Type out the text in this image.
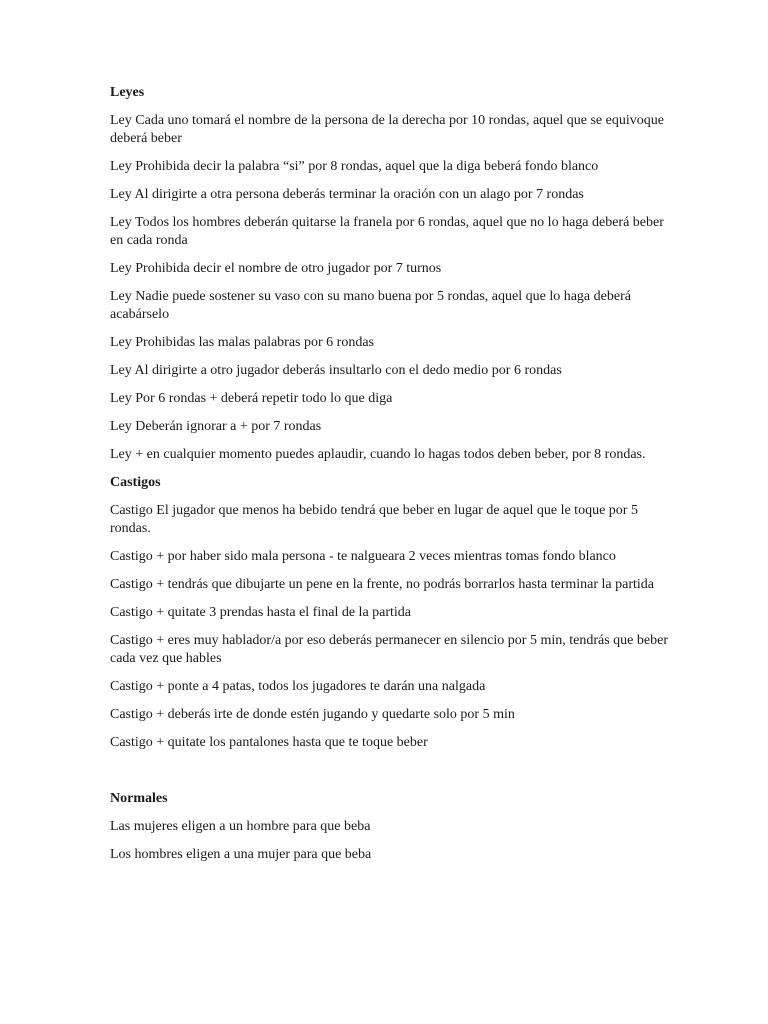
Leyes
Ley Cada uno tomará el nombre de la persona de la derecha por 10 rondas, aquel que se equivoque deberá beber
Ley Prohibida decir la palabra “si” por 8 rondas, aquel que la diga beberá fondo blanco
Ley Al dirigirte a otra persona deberás terminar la oración con un alago por 7 rondas
Ley Todos los hombres deberán quitarse la franela por 6 rondas, aquel que no lo haga deberá beber en cada ronda
Ley Prohibida decir el nombre de otro jugador por 7 turnos
Ley Nadie puede sostener su vaso con su mano buena por 5 rondas, aquel que lo haga deberá acabárselo
Ley Prohibidas las malas palabras por 6 rondas
Ley Al dirigirte a otro jugador deberás insultarlo con el dedo medio por 6 rondas
Ley Por 6 rondas + deberá repetir todo lo que diga
Ley Deberán ignorar a + por 7 rondas
Ley + en cualquier momento puedes aplaudir, cuando lo hagas todos deben beber, por 8 rondas.
Castigos
Castigo El jugador que menos ha bebido tendrá que beber en lugar de aquel que le toque por 5 rondas.
Castigo + por haber sido mala persona - te nalgueara 2 veces mientras tomas fondo blanco
Castigo + tendrás que dibujarte un pene en la frente, no podrás borrarlos hasta terminar la partida
Castigo + quitate 3 prendas hasta el final de la partida
Castigo + eres muy hablador/a por eso deberás permanecer en silencio por 5 min, tendrás que beber cada vez que hables
Castigo + ponte a 4 patas, todos los jugadores te darán una nalgada
Castigo + deberás irte de donde estén jugando y quedarte solo por 5 min
Castigo + quitate los pantalones hasta que te toque beber
Normales
Las mujeres eligen a un hombre para que beba
Los hombres eligen a una mujer para que beba
